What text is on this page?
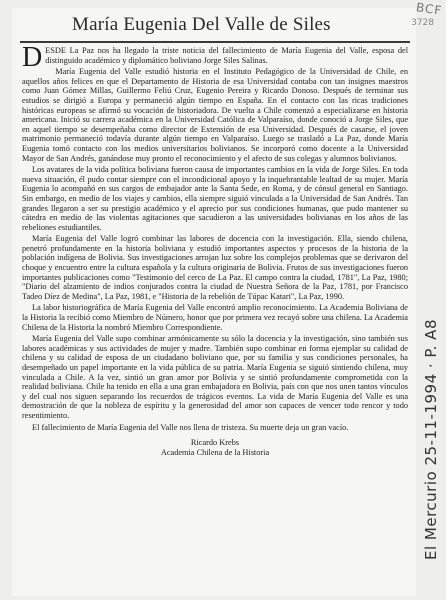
BCF
3728
María Eugenia Del Valle de Siles

DESDE La Paz nos ha llegado la triste noticia del fallecimiento de María Eugenia del Valle, esposa del distinguido académico y diplomático boliviano Jorge Siles Salinas.

María Eugenia del Valle estudió historia en el Instituto Pedagógico de la Universidad de Chile, en aquellos años felices en que el Departamento de Historia de esa Universidad contaba con tan insignes maestros como Juan Gómez Millas, Guillermo Feliú Cruz, Eugenio Pereira y Ricardo Donoso. Después de terminar sus estudios se dirigió a Europa y permaneció algún tiempo en España. En el contacto con las ricas tradiciones históricas europeas se afirmó su vocación de historiadora. De vuelta a Chile comenzó a especializarse en historia americana. Inició su carrera académica en la Universidad Católica de Valparaíso, donde conoció a Jorge Siles, que en aquel tiempo se desempeñaba como director de Extensión de esa Universidad. Después de casarse, el joven matrimonio permaneció todavía durante algún tiempo en Valparaíso. Luego se trasladó a La Paz, donde María Eugenia tomó contacto con los medios universitarios bolivianos. Se incorporó como docente a la Universidad Mayor de San Andrés, ganándose muy pronto el reconocimiento y el afecto de sus colegas y alumnos bolivianos.

Los avatares de la vida política boliviana fueron causa de importantes cambios en la vida de Jorge Siles. En toda nueva situación, él pudo contar siempre con el incondicional apoyo y la inquebrantable lealtad de su mujer. María Eugenia lo acompañó en sus cargos de embajador ante la Santa Sede, en Roma, y de cónsul general en Santiago. Sin embargo, en medio de los viajes y cambios, ella siempre siguió vinculada a la Universidad de San Andrés. Tan grandes llegaron a ser su prestigio académico y el aprecio por sus condiciones humanas, que pudo mantener su cátedra en medio de las violentas agitaciones que sacudieron a las universidades bolivianas en los años de las rebeliones estudiantiles.

María Eugenia del Valle logró combinar las labores de docencia con la investigación. Ella, siendo chilena, penetró profundamente en la historia boliviana y estudió importantes aspectos y procesos de la historia de la población indígena de Bolivia. Sus investigaciones arrojan luz sobre los complejos problemas que se derivaron del choque y encuentro entre la cultura española y la cultura originaria de Bolivia. Frutos de sus investigaciones fueron importantes publicaciones como "Testimonio del cerco de La Paz. El campo contra la ciudad, 1781", La Paz, 1980; "Diario del alzamiento de indios conjurados contra la ciudad de Nuestra Señora de la Paz, 1781, por Francisco Tadeo Díez de Medina", La Paz, 1981, e "Historia de la rebelión de Túpac Katari", La Paz, 1990.

La labor historiográfica de María Eugenia del Valle encontró amplio reconocimiento. La Academia Boliviana de la Historia la recibió como Miembro de Número, honor que por primera vez recayó sobre una chilena. La Academia Chilena de la Historia la nombró Miembro Correspondiente.

María Eugenia del Valle supo combinar armónicamente su sólo la docencia y la investigación, sino también sus labores académicas y sus actividades de mujer y madre. También supo combinar en forma ejemplar su calidad de chilena y su calidad de esposa de un ciudadano boliviano que, por su familia y sus condiciones personales, ha desempeñado un papel importante en la vida pública de su patria. María Eugenia se siguió sintiendo chilena, muy vinculada a Chile. A la vez, sintió un gran amor por Bolivia y se sintió profundamente comprometida con la realidad boliviana. Chile ha tenido en ella a una gran embajadora en Bolivia, país con que nos unen tantos vínculos y del cual nos siguen separando los recuerdos de trágicos eventos. La vida de María Eugenia del Valle es una demostración de que la nobleza de espíritu y la generosidad del amor son capaces de vencer todo rencor y todo resentimiento.

El fallecimiento de María Eugenia del Valle nos llena de tristeza. Su muerte deja un gran vacío.

Ricardo Krebs
Academia Chilena de la Historia	El Mercurio 25-11-1994 · P. A8
